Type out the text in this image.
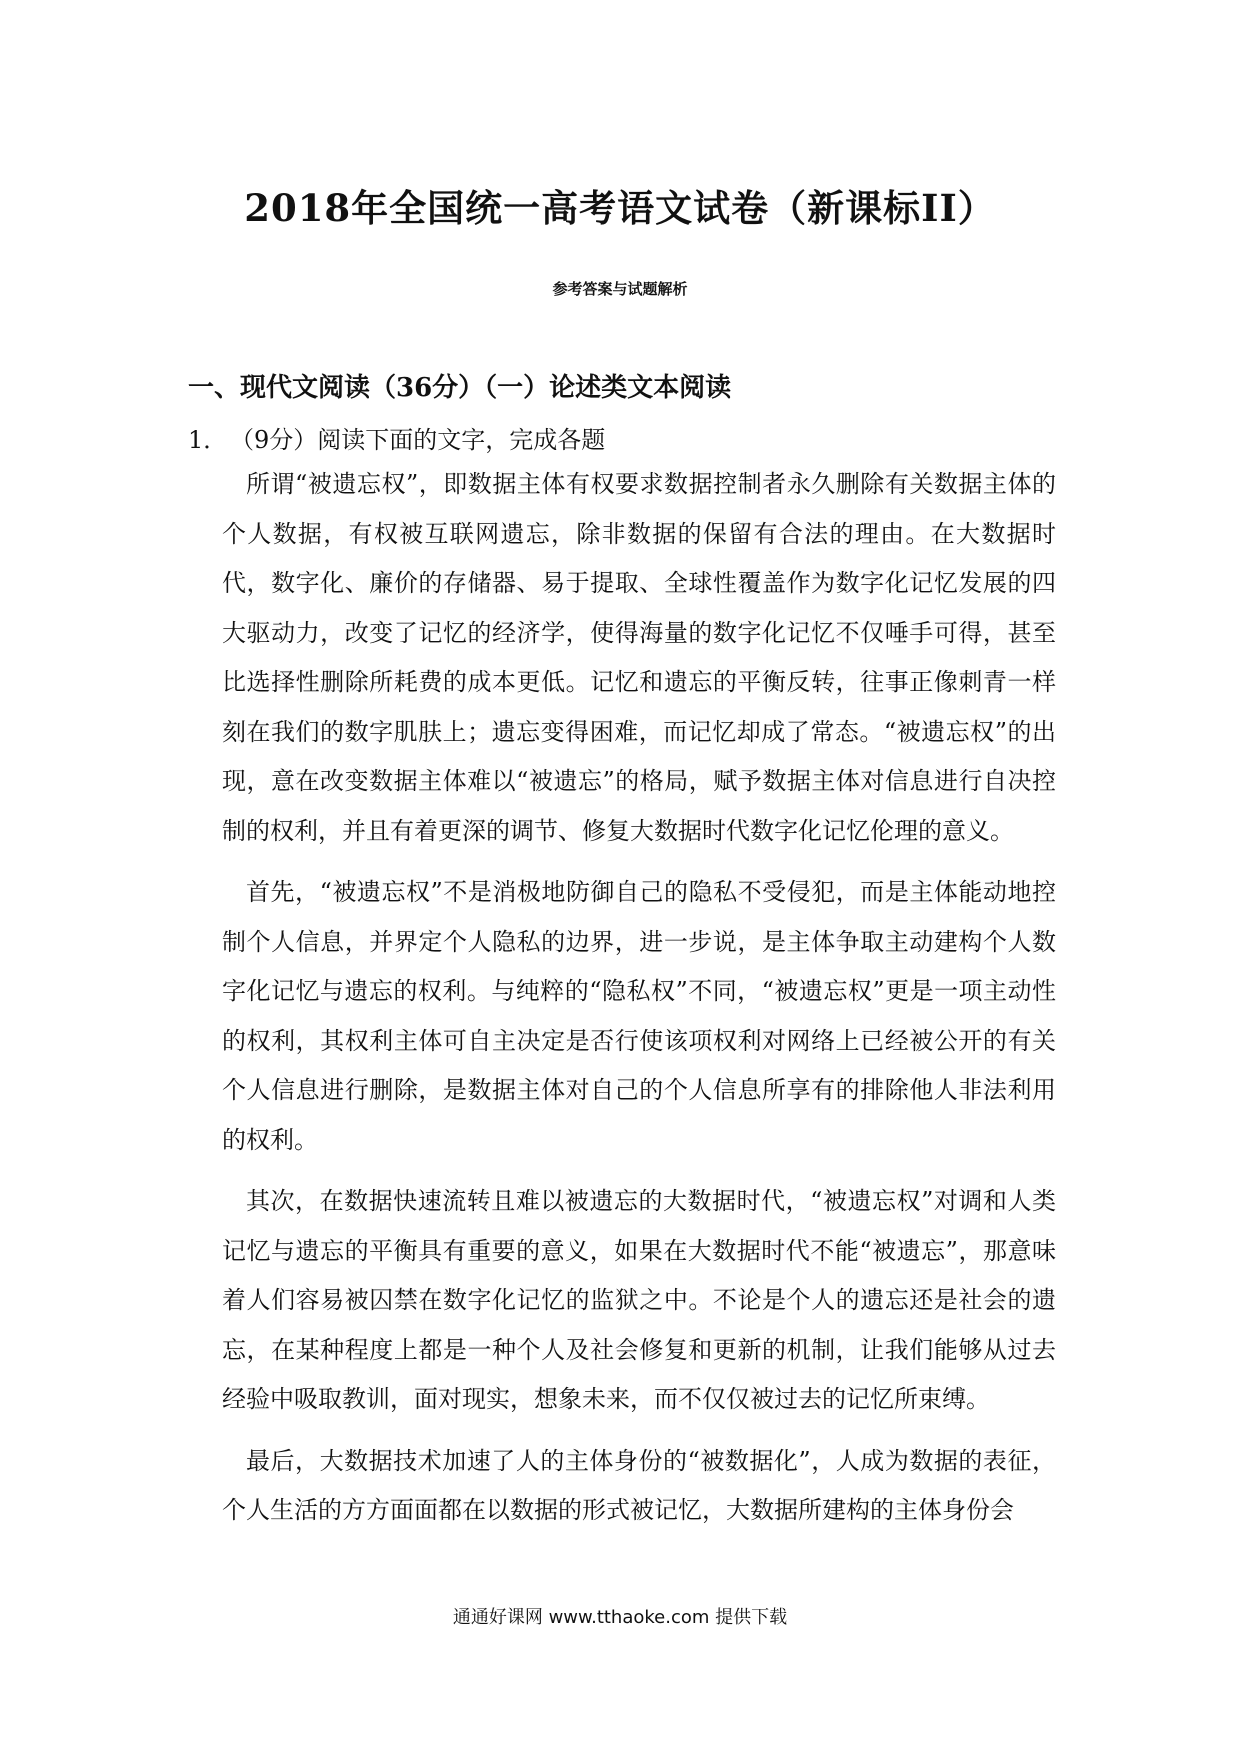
2018年全国统一高考语文试卷（新课标II）
参考答案与试题解析
一、现代文阅读（36分）（一）论述类文本阅读
1． （9分）阅读下面的文字，完成各题

所谓“被遗忘权”，即数据主体有权要求数据控制者永久删除有关数据主体的个人数据，有权被互联网遗忘，除非数据的保留有合法的理由。在大数据时代，数字化、廉价的存储器、易于提取、全球性覆盖作为数字化记忆发展的四大驱动力，改变了记忆的经济学，使得海量的数字化记忆不仅唾手可得，甚至比选择性删除所耗费的成本更低。记忆和遗忘的平衡反转，往事正像刺青一样刻在我们的数字肌肤上；遗忘变得困难，而记忆却成了常态。“被遗忘权”的出现，意在改变数据主体难以“被遗忘”的格局，赋予数据主体对信息进行自决控制的权利，并且有着更深的调节、修复大数据时代数字化记忆伦理的意义。

首先，“被遗忘权”不是消极地防御自己的隐私不受侵犯，而是主体能动地控制个人信息，并界定个人隐私的边界，进一步说，是主体争取主动建构个人数字化记忆与遗忘的权利。与纯粹的“隐私权”不同，“被遗忘权”更是一项主动性的权利，其权利主体可自主决定是否行使该项权利对网络上已经被公开的有关个人信息进行删除，是数据主体对自己的个人信息所享有的排除他人非法利用的权利。

其次，在数据快速流转且难以被遗忘的大数据时代，“被遗忘权”对调和人类记忆与遗忘的平衡具有重要的意义，如果在大数据时代不能“被遗忘”，那意味着人们容易被囚禁在数字化记忆的监狱之中。不论是个人的遗忘还是社会的遗忘，在某种程度上都是一种个人及社会修复和更新的机制，让我们能够从过去经验中吸取教训，面对现实，想象未来，而不仅仅被过去的记忆所束缚。

最后，大数据技术加速了人的主体身份的“被数据化”，人成为数据的表征，个人生活的方方面面都在以数据的形式被记忆，大数据所建构的主体身份会

通通好课网 www.tthaoke.com 提供下载
